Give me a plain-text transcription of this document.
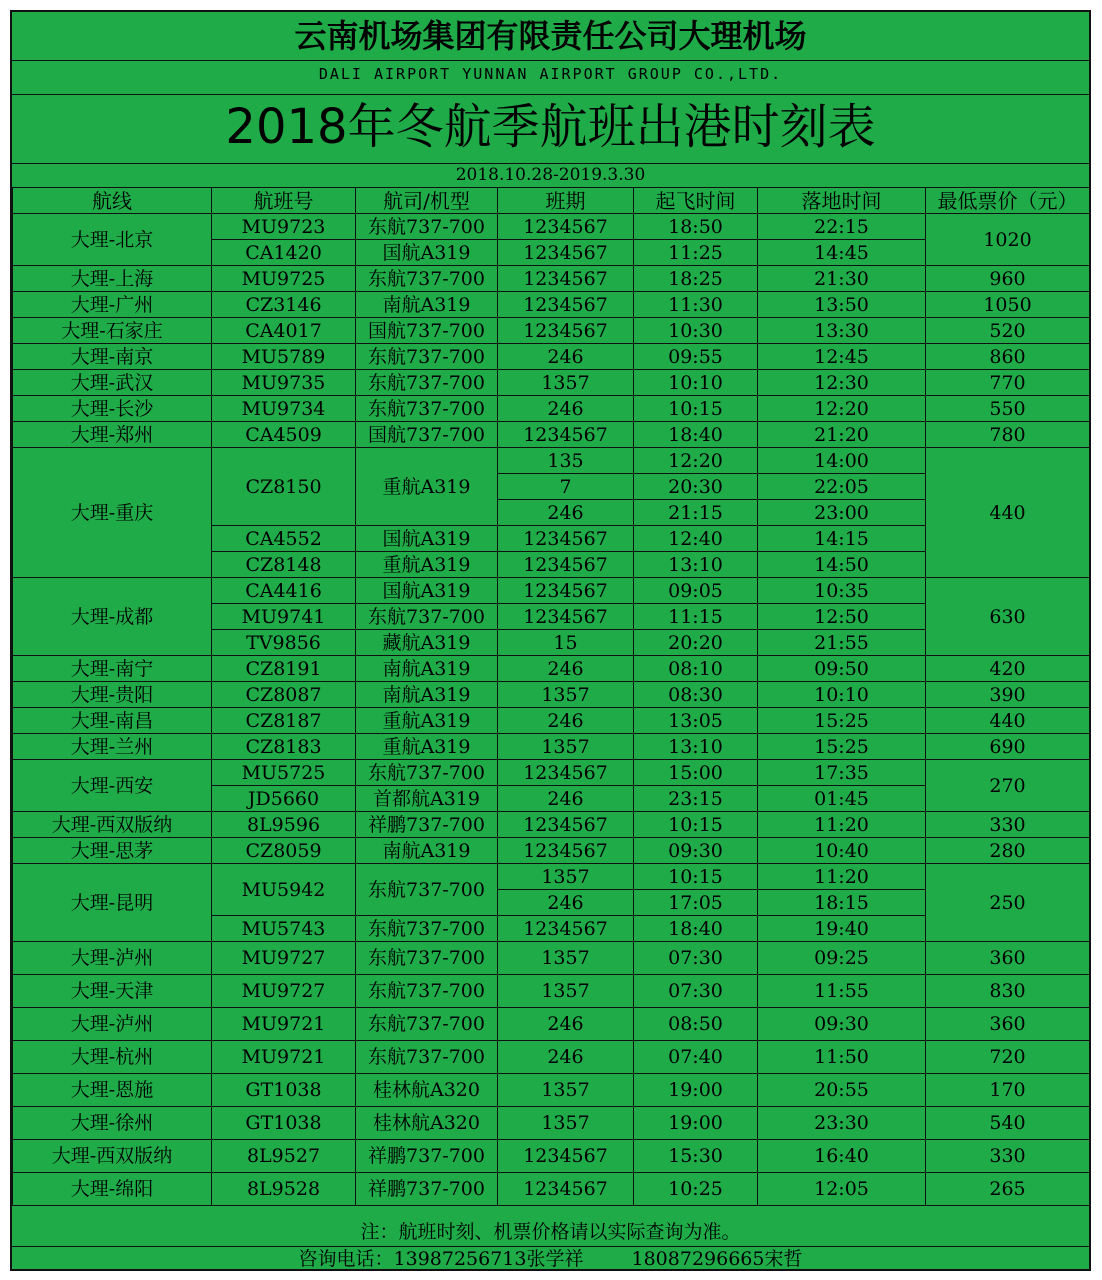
云南机场集团有限责任公司大理机场
DALI AIRPORT YUNNAN AIRPORT GROUP CO.,LTD.
2018年冬航季航班出港时刻表
2018.10.28-2019.3.30
航线	航班号	航司/机型	班期	起飞时间	落地时间	最低票价（元）
大理-北京	MU9723	东航737-700	1234567	18:50	22:15	1020
	CA1420	国航A319	1234567	11:25	14:45	
大理-上海	MU9725	东航737-700	1234567	18:25	21:30	960
大理-广州	CZ3146	南航A319	1234567	11:30	13:50	1050
大理-石家庄	CA4017	国航737-700	1234567	10:30	13:30	520
大理-南京	MU5789	东航737-700	246	09:55	12:45	860
大理-武汉	MU9735	东航737-700	1357	10:10	12:30	770
大理-长沙	MU9734	东航737-700	246	10:15	12:20	550
大理-郑州	CA4509	国航737-700	1234567	18:40	21:20	780
大理-重庆	CZ8150	重航A319	135	12:20	14:00	440
			7	20:30	22:05	
			246	21:15	23:00	
	CA4552	国航A319	1234567	12:40	14:15	
	CZ8148	重航A319	1234567	13:10	14:50	
大理-成都	CA4416	国航A319	1234567	09:05	10:35	630
	MU9741	东航737-700	1234567	11:15	12:50	
	TV9856	藏航A319	15	20:20	21:55	
大理-南宁	CZ8191	南航A319	246	08:10	09:50	420
大理-贵阳	CZ8087	南航A319	1357	08:30	10:10	390
大理-南昌	CZ8187	重航A319	246	13:05	15:25	440
大理-兰州	CZ8183	重航A319	1357	13:10	15:25	690
大理-西安	MU5725	东航737-700	1234567	15:00	17:35	270
	JD5660	首都航A319	246	23:15	01:45	
大理-西双版纳	8L9596	祥鹏737-700	1234567	10:15	11:20	330
大理-思茅	CZ8059	南航A319	1234567	09:30	10:40	280
大理-昆明	MU5942	东航737-700	1357	10:15	11:20	250
			246	17:05	18:15	
	MU5743	东航737-700	1234567	18:40	19:40	
大理-泸州	MU9727	东航737-700	1357	07:30	09:25	360
大理-天津	MU9727	东航737-700	1357	07:30	11:55	830
大理-泸州	MU9721	东航737-700	246	08:50	09:30	360
大理-杭州	MU9721	东航737-700	246	07:40	11:50	720
大理-恩施	GT1038	桂林航A320	1357	19:00	20:55	170
大理-徐州	GT1038	桂林航A320	1357	19:00	23:30	540
大理-西双版纳	8L9527	祥鹏737-700	1234567	15:30	16:40	330
大理-绵阳	8L9528	祥鹏737-700	1234567	10:25	12:05	265
注：航班时刻、机票价格请以实际查询为准。
咨询电话：13987256713张学祥	18087296665宋哲
